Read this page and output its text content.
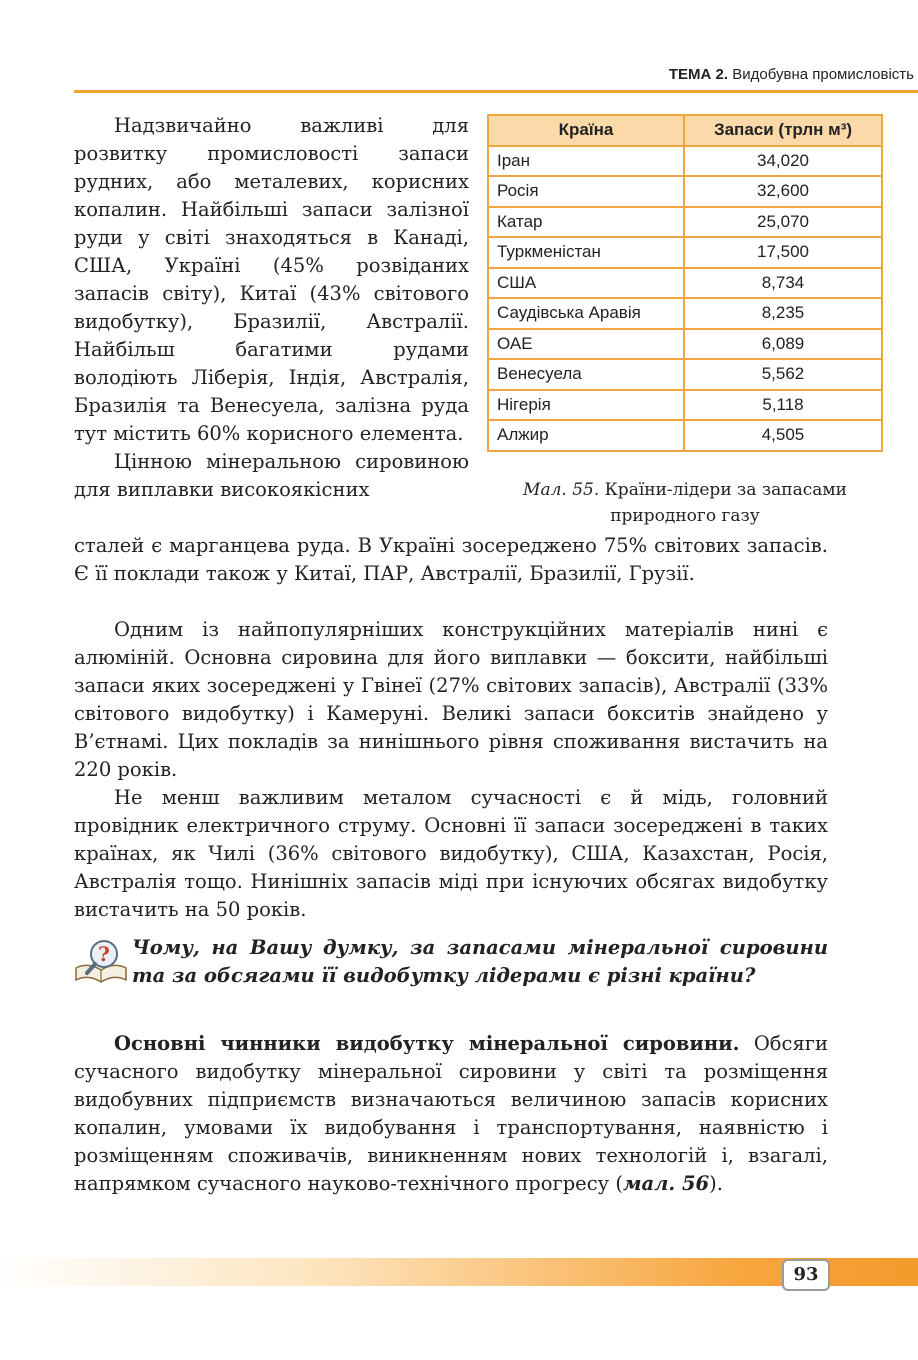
ТЕМА 2. Видобувна промисловість

Надзвичайно важливі для розвитку промисловості запаси рудних, або металевих, корисних копалин. Найбільші запаси залізної руди у світі знаходяться в Канаді, США, Україні (45% розвіданих запасів світу), Китаї (43% світового видобутку), Бразилії, Австралії. Найбільш багатими рудами володіють Ліберія, Індія, Австралія, Бразилія та Венесуела, залізна руда тут містить 60% корисного елемента.

Цінною мінеральною сировиною для виплавки високоякісних

Країна	Запаси (трлн м³)
Іран	34,020
Росія	32,600
Катар	25,070
Туркменістан	17,500
США	8,734
Саудівська Аравія	8,235
ОАЕ	6,089
Венесуела	5,562
Нігерія	5,118
Алжир	4,505
Мал. 55. Країни-лідери за запасами природного газу

сталей є марганцева руда. В Україні зосереджено 75% світових запасів. Є її поклади також у Китаї, ПАР, Австралії, Бразилії, Грузії.

Одним із найпопулярніших конструкційних матеріалів нині є алюміній. Основна сировина для його виплавки — боксити, найбільші запаси яких зосереджені у Гвінеї (27% світових запасів), Австралії (33% світового видобутку) і Камеруні. Великі запаси бокситів знайдено у В’єтнамі. Цих покладів за нинішнього рівня споживання вистачить на 220 років.

Не менш важливим металом сучасності є й мідь, головний провідник електричного струму. Основні її запаси зосереджені в таких країнах, як Чилі (36% світового видобутку), США, Казахстан, Росія, Австралія тощо. Нинішніх запасів міді при існуючих обсягах видобутку вистачить на 50 років.

? Чому, на Вашу думку, за запасами мінеральної сировини та за обсягами її видобутку лідерами є різні країни?

Основні чинники видобутку мінеральної сировини. Обсяги сучасного видобутку мінеральної сировини у світі та розміщення видобувних підприємств визначаються величиною запасів корисних копалин, умовами їх видобування і транспортування, наявністю і розміщенням споживачів, виникненням нових технологій і, взагалі, напрямком сучасного науково-технічного прогресу (мал. 56).

93
